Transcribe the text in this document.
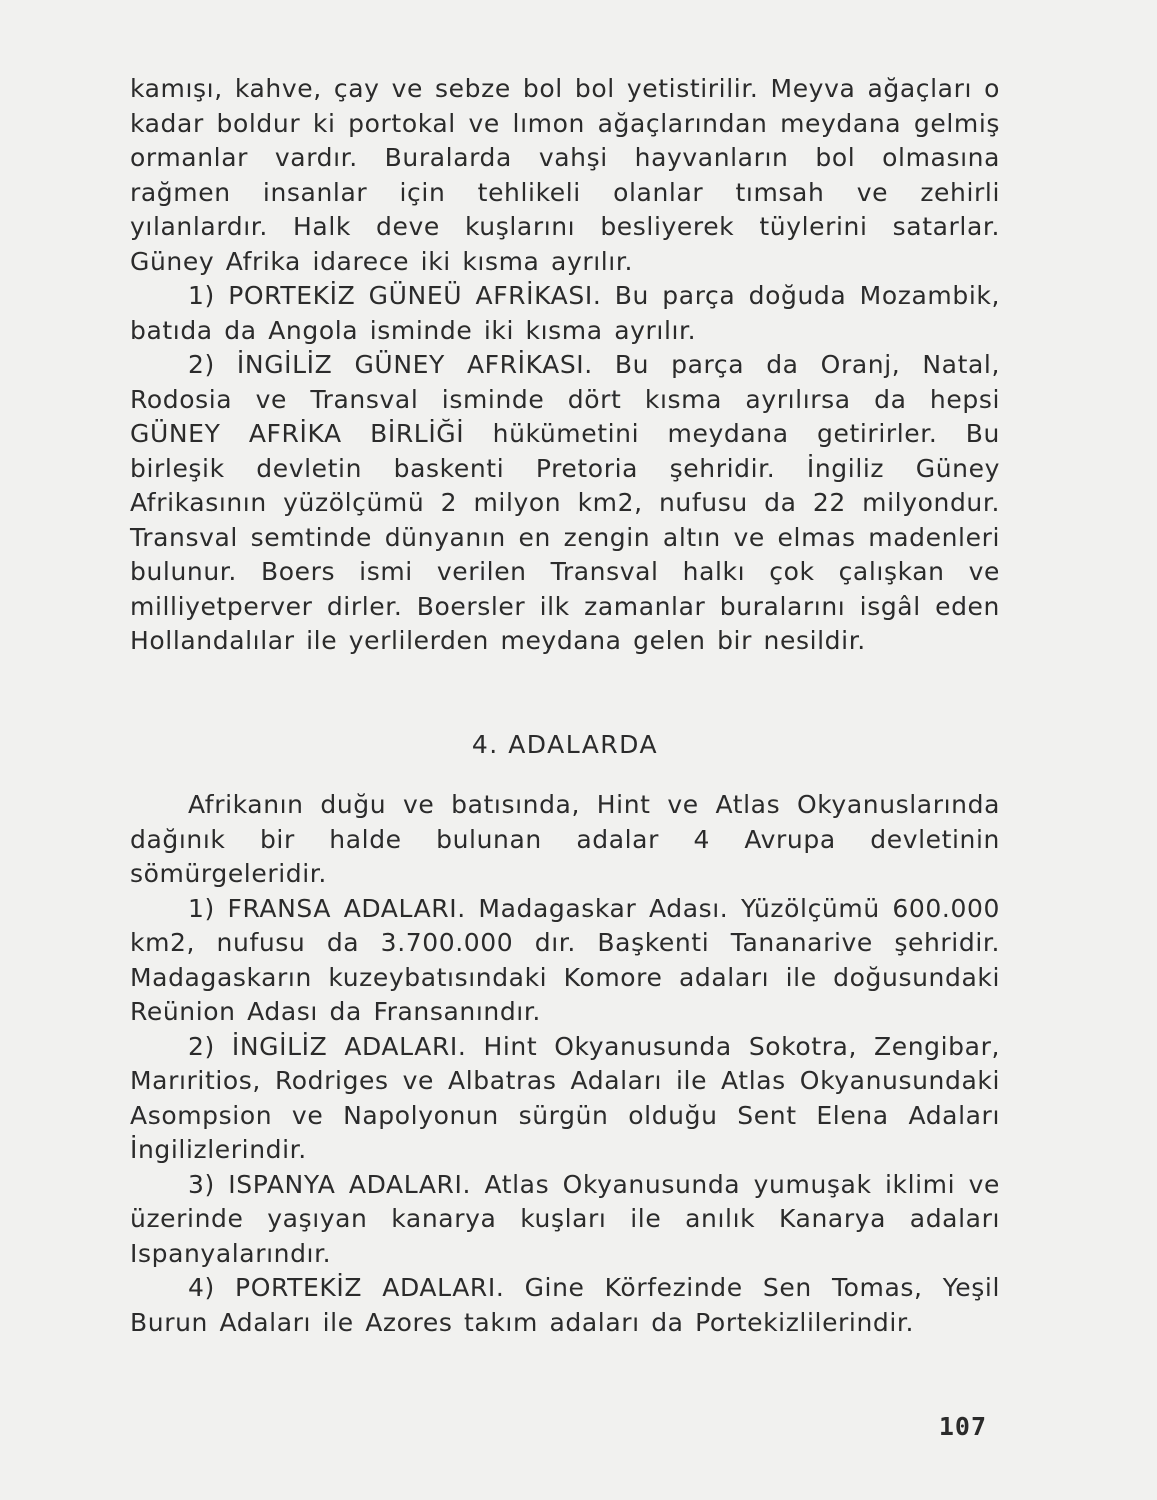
kamışı, kahve, çay ve sebze bol bol yetistirilir. Meyva ağaçları o kadar boldur ki portokal ve lımon ağaçlarından meydana gelmiş ormanlar vardır. Buralarda vahşi hayvanların bol olmasına rağmen insanlar için tehlikeli olanlar tımsah ve zehirli yılanlardır. Halk deve kuşlarını besliyerek tüylerini satarlar. Güney Afrika idarece iki kısma ayrılır.

1) PORTEKİZ GÜNEÜ AFRİKASI. Bu parça doğuda Mozambik, batıda da Angola isminde iki kısma ayrılır.

2) İNGİLİZ GÜNEY AFRİKASI. Bu parça da Oranj, Natal, Rodosia ve Transval isminde dört kısma ayrılırsa da hepsi GÜNEY AFRİKA BİRLİĞİ hükümetini meydana getirirler. Bu birleşik devletin baskenti Pretoria şehridir. İngiliz Güney Afrikasının yüzölçümü 2 milyon km2, nufusu da 22 milyondur. Transval semtinde dünyanın en zengin altın ve elmas madenleri bulunur. Boers ismi verilen Transval halkı çok çalışkan ve milliyetperver dirler. Boersler ilk zamanlar buralarını isgâl eden Hollandalılar ile yerlilerden meydana gelen bir nesildir.

4. ADALARDA

Afrikanın duğu ve batısında, Hint ve Atlas Okyanuslarında dağınık bir halde bulunan adalar 4 Avrupa devletinin sömürgeleridir.

1) FRANSA ADALARI. Madagaskar Adası. Yüzölçümü 600.000 km2, nufusu da 3.700.000 dır. Başkenti Tananarive şehridir. Madagaskarın kuzeybatısındaki Komore adaları ile doğusundaki Reünion Adası da Fransanındır.

2) İNGİLİZ ADALARI. Hint Okyanusunda Sokotra, Zengibar, Marıritios, Rodriges ve Albatras Adaları ile Atlas Okyanusundaki Asompsion ve Napolyonun sürgün olduğu Sent Elena Adaları İngilizlerindir.

3) ISPANYA ADALARI. Atlas Okyanusunda yumuşak iklimi ve üzerinde yaşıyan kanarya kuşları ile anılık Kanarya adaları Ispanyalarındır.

4) PORTEKİZ ADALARI. Gine Körfezinde Sen Tomas, Yeşil Burun Adaları ile Azores takım adaları da Portekizlilerindir.

107
